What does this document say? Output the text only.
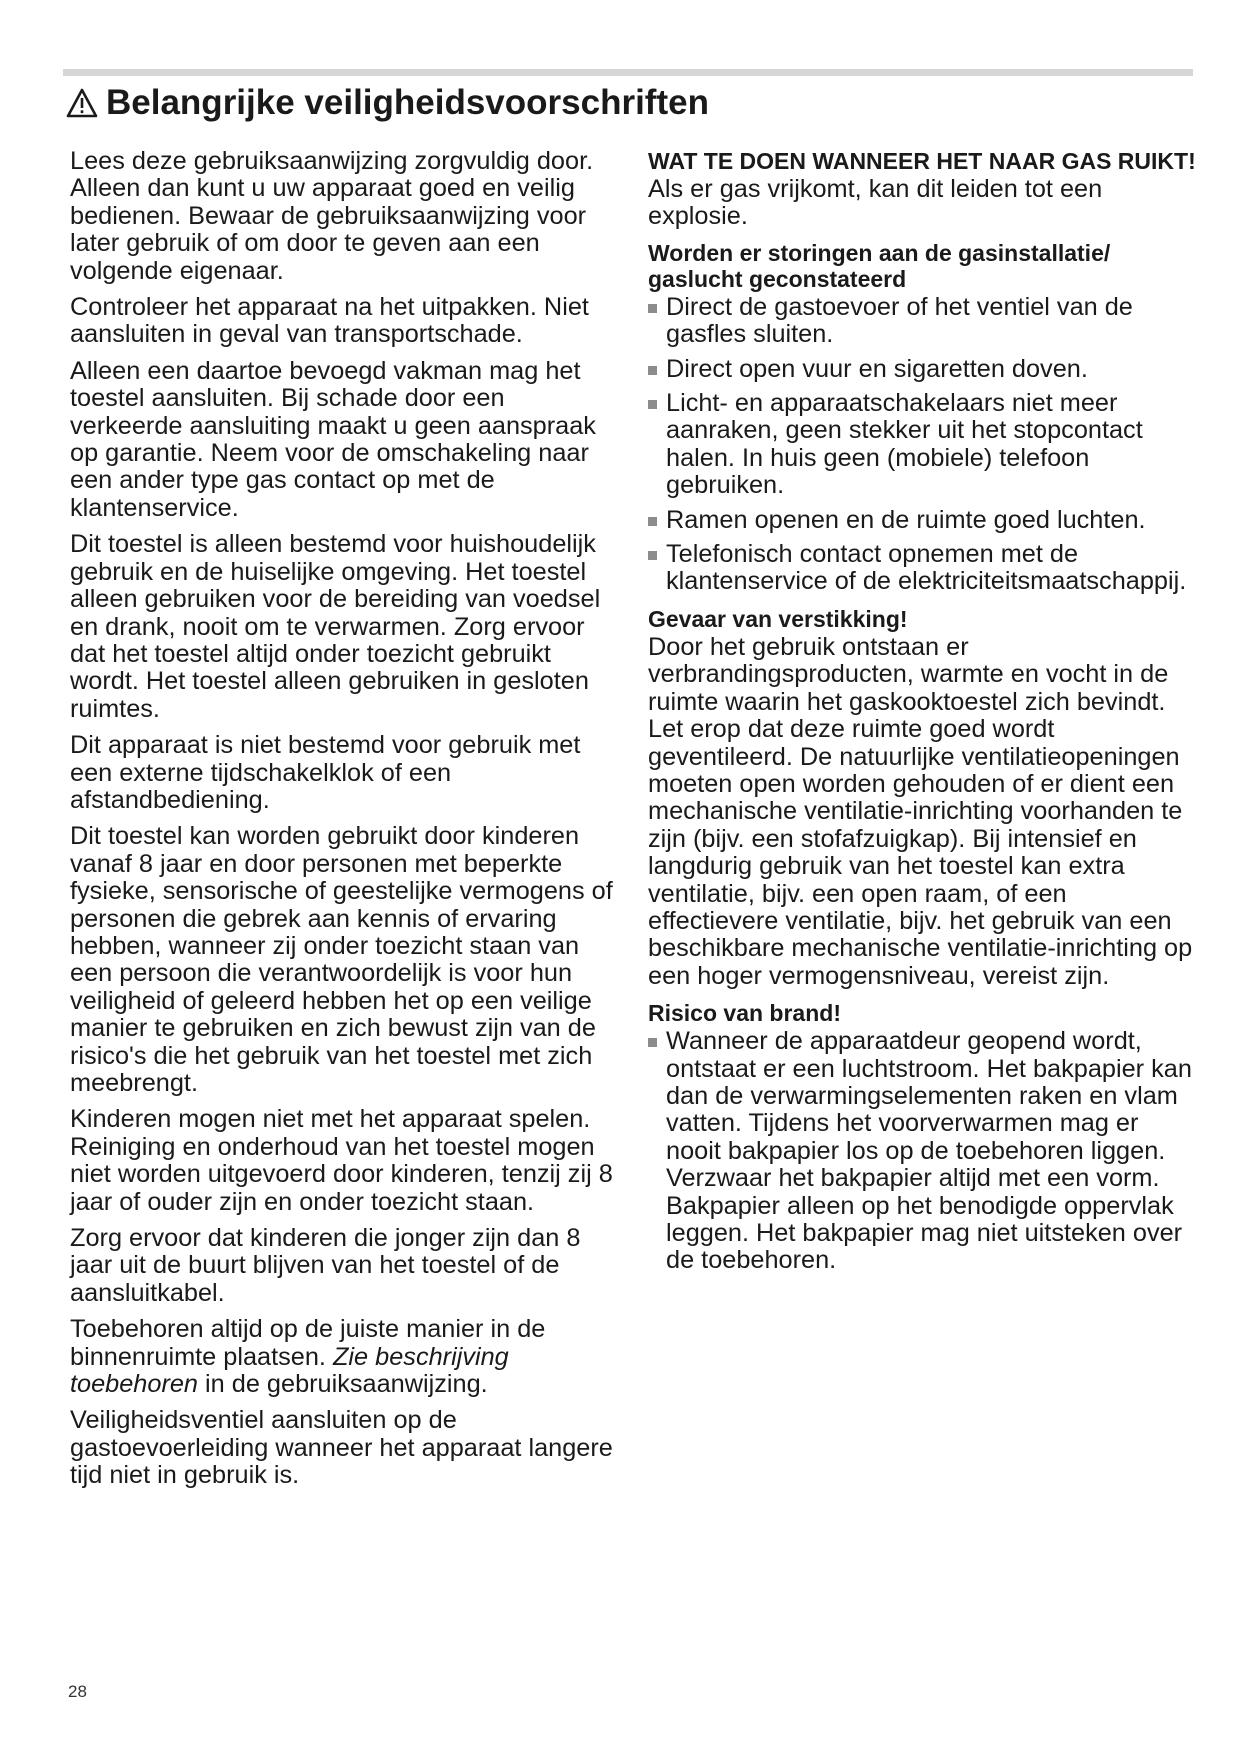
Belangrijke veiligheidsvoorschriften

Lees deze gebruiksaanwijzing zorgvuldig door. Alleen dan kunt u uw apparaat goed en veilig bedienen. Bewaar de gebruiksaanwijzing voor later gebruik of om door te geven aan een volgende eigenaar.

Controleer het apparaat na het uitpakken. Niet aansluiten in geval van transportschade.

Alleen een daartoe bevoegd vakman mag het toestel aansluiten. Bij schade door een verkeerde aansluiting maakt u geen aanspraak op garantie. Neem voor de omschakeling naar een ander type gas contact op met de klantenservice.

Dit toestel is alleen bestemd voor huishoudelijk gebruik en de huiselijke omgeving. Het toestel alleen gebruiken voor de bereiding van voedsel en drank, nooit om te verwarmen. Zorg ervoor dat het toestel altijd onder toezicht gebruikt wordt. Het toestel alleen gebruiken in gesloten ruimtes.

Dit apparaat is niet bestemd voor gebruik met een externe tijdschakelklok of een afstandbediening.

Dit toestel kan worden gebruikt door kinderen vanaf 8 jaar en door personen met beperkte fysieke, sensorische of geestelijke vermogens of personen die gebrek aan kennis of ervaring hebben, wanneer zij onder toezicht staan van een persoon die verantwoordelijk is voor hun veiligheid of geleerd hebben het op een veilige manier te gebruiken en zich bewust zijn van de risico's die het gebruik van het toestel met zich meebrengt.

Kinderen mogen niet met het apparaat spelen. Reiniging en onderhoud van het toestel mogen niet worden uitgevoerd door kinderen, tenzij zij 8 jaar of ouder zijn en onder toezicht staan.

Zorg ervoor dat kinderen die jonger zijn dan 8 jaar uit de buurt blijven van het toestel of de aansluitkabel.

Toebehoren altijd op de juiste manier in de binnenruimte plaatsen. Zie beschrijving toebehoren in de gebruiksaanwijzing.

Veiligheidsventiel aansluiten op de gastoevoerleiding wanneer het apparaat langere tijd niet in gebruik is.

WAT TE DOEN WANNEER HET NAAR GAS RUIKT!

Als er gas vrijkomt, kan dit leiden tot een explosie.

Worden er storingen aan de gasinstallatie/ gaslucht geconstateerd
Direct de gastoevoer of het ventiel van de gasfles sluiten.
Direct open vuur en sigaretten doven.
Licht- en apparaatschakelaars niet meer aanraken, geen stekker uit het stopcontact halen. In huis geen (mobiele) telefoon gebruiken.
Ramen openen en de ruimte goed luchten.
Telefonisch contact opnemen met de klantenservice of de elektriciteitsmaatschappij.
Gevaar van verstikking!

Door het gebruik ontstaan er verbrandingsproducten, warmte en vocht in de ruimte waarin het gaskooktoestel zich bevindt. Let erop dat deze ruimte goed wordt geventileerd. De natuurlijke ventilatieopeningen moeten open worden gehouden of er dient een mechanische ventilatie-inrichting voorhanden te zijn (bijv. een stofafzuigkap). Bij intensief en langdurig gebruik van het toestel kan extra ventilatie, bijv. een open raam, of een effectievere ventilatie, bijv. het gebruik van een beschikbare mechanische ventilatie-inrichting op een hoger vermogensniveau, vereist zijn.

Risico van brand!
Wanneer de apparaatdeur geopend wordt, ontstaat er een luchtstroom. Het bakpapier kan dan de verwarmingselementen raken en vlam vatten. Tijdens het voorverwarmen mag er nooit bakpapier los op de toebehoren liggen. Verzwaar het bakpapier altijd met een vorm. Bakpapier alleen op het benodigde oppervlak leggen. Het bakpapier mag niet uitsteken over de toebehoren.
28
